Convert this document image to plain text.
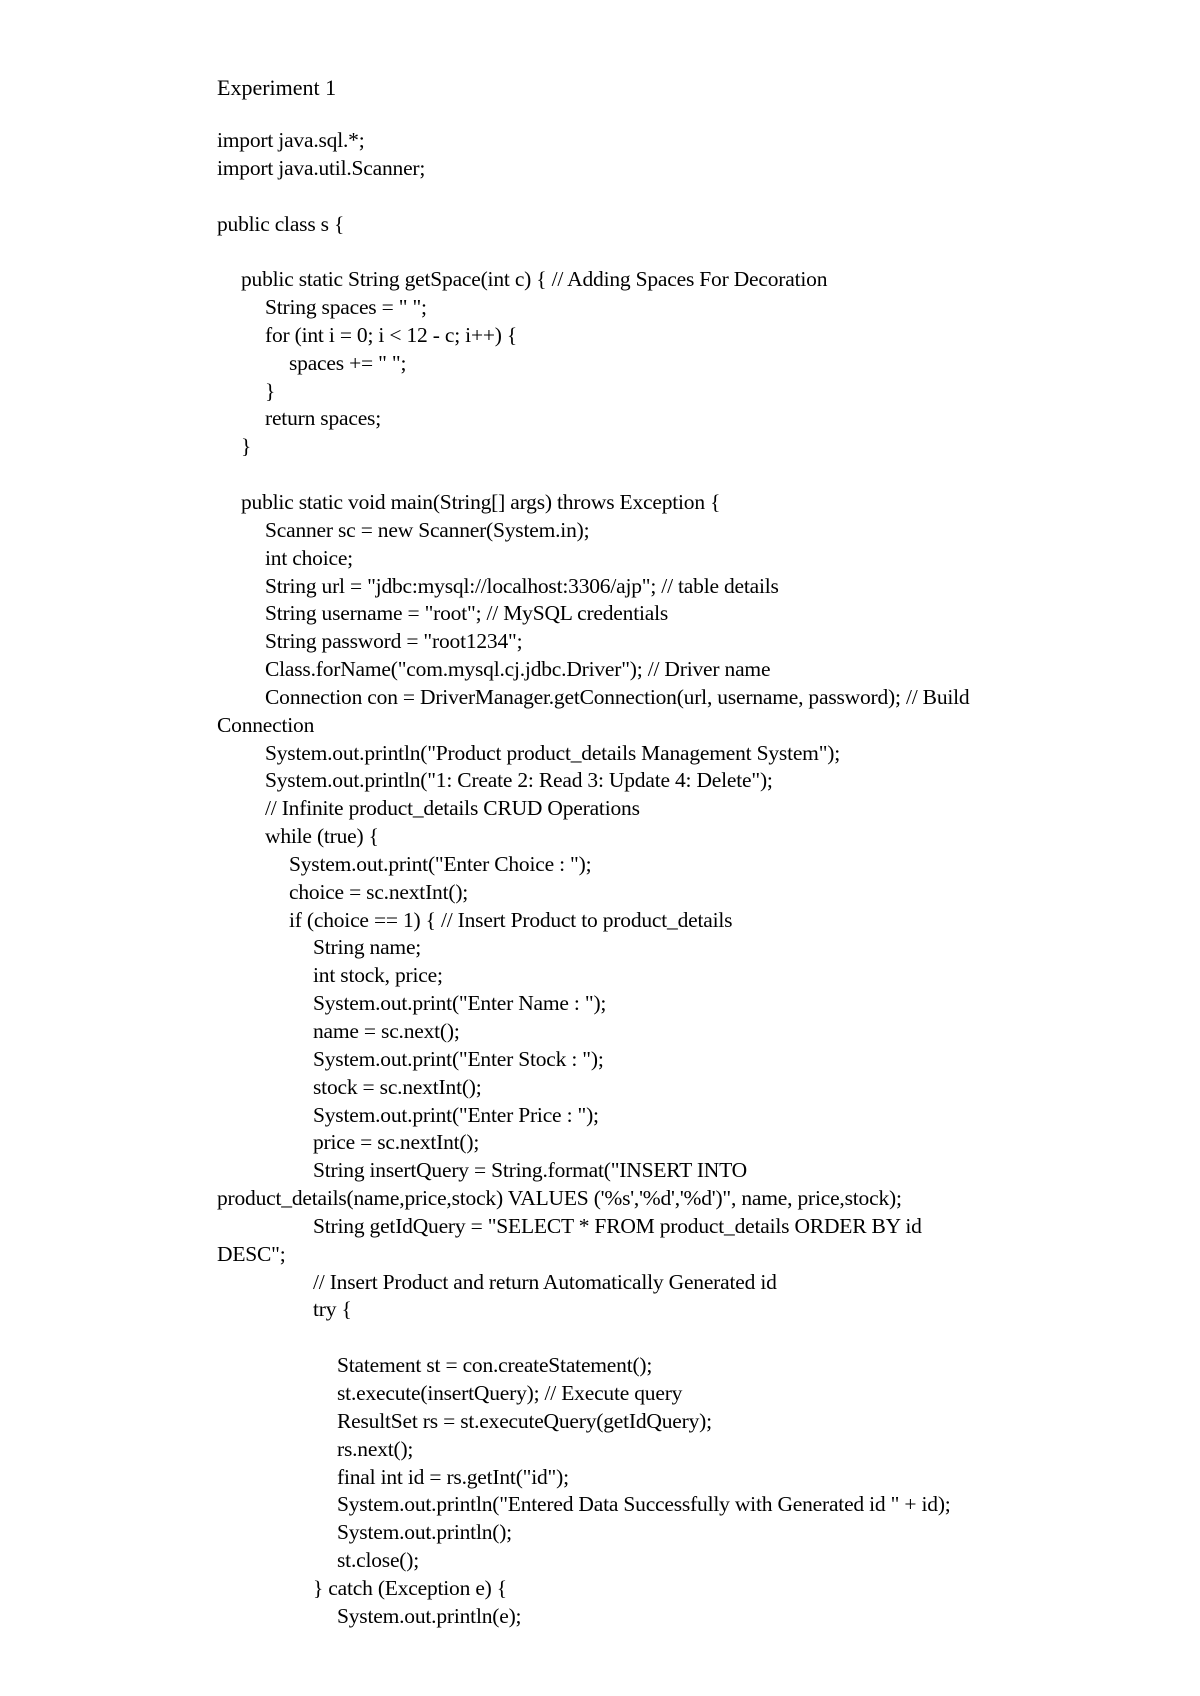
Experiment 1
import java.sql.*;
import java.util.Scanner;
public class s {
public static String getSpace(int c) { // Adding Spaces For Decoration
String spaces = " ";
for (int i = 0; i < 12 - c; i++) {
spaces += " ";
}
return spaces;
}
public static void main(String[] args) throws Exception {
Scanner sc = new Scanner(System.in);
int choice;
String url = "jdbc:mysql://localhost:3306/ajp"; // table details
String username = "root"; // MySQL credentials
String password = "root1234";
Class.forName("com.mysql.cj.jdbc.Driver"); // Driver name
Connection con = DriverManager.getConnection(url, username, password); // Build
Connection
System.out.println("Product product_details Management System");
System.out.println("1: Create 2: Read 3: Update 4: Delete");
// Infinite product_details CRUD Operations
while (true) {
System.out.print("Enter Choice : ");
choice = sc.nextInt();
if (choice == 1) { // Insert Product to product_details
String name;
int stock, price;
System.out.print("Enter Name : ");
name = sc.next();
System.out.print("Enter Stock : ");
stock = sc.nextInt();
System.out.print("Enter Price : ");
price = sc.nextInt();
String insertQuery = String.format("INSERT INTO
product_details(name,price,stock) VALUES ('%s','%d','%d')", name, price,stock);
String getIdQuery = "SELECT * FROM product_details ORDER BY id
DESC";
// Insert Product and return Automatically Generated id
try {
Statement st = con.createStatement();
st.execute(insertQuery); // Execute query
ResultSet rs = st.executeQuery(getIdQuery);
rs.next();
final int id = rs.getInt("id");
System.out.println("Entered Data Successfully with Generated id " + id);
System.out.println();
st.close();
} catch (Exception e) {
System.out.println(e);
